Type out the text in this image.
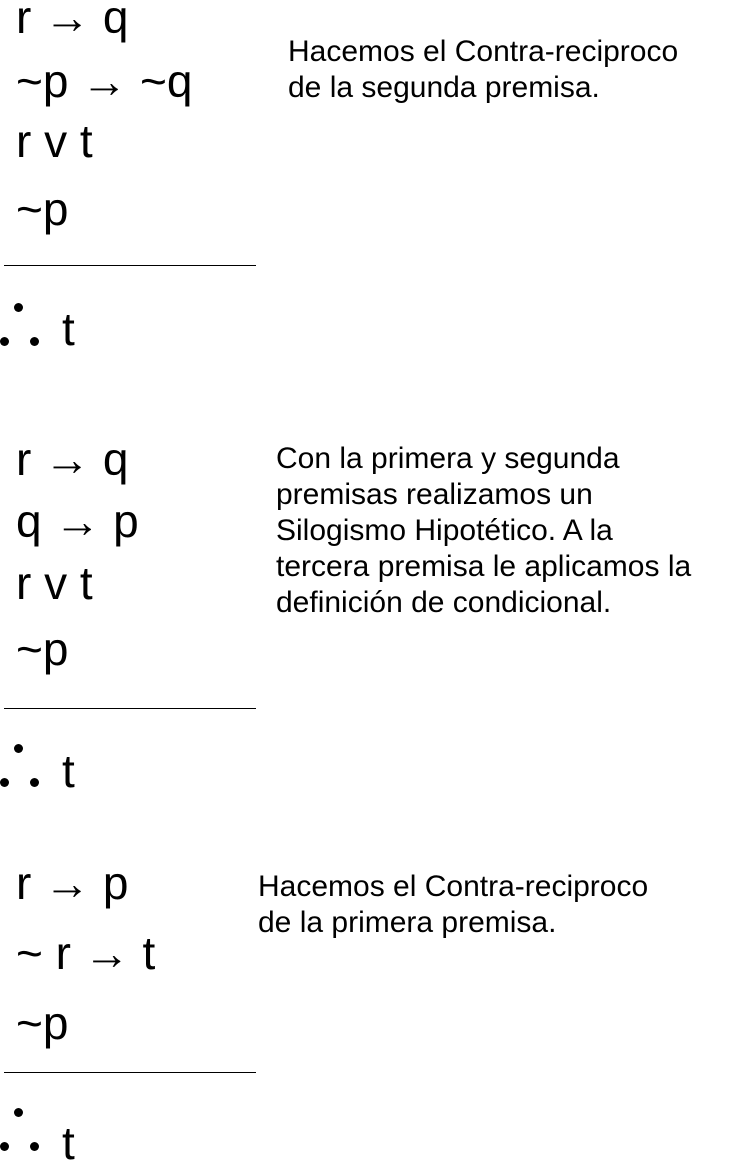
r → q
~p → ~q
r v t
~p
t
Hacemos el Contra-reciproco
de la segunda premisa.
r → q
q → p
r v t
~p
t
Con la primera y segunda
premisas realizamos un
Silogismo Hipotético. A la
tercera premisa le aplicamos la
definición de condicional.
r → p
~ r → t
~p
t
Hacemos el Contra-reciproco
de la primera premisa.
